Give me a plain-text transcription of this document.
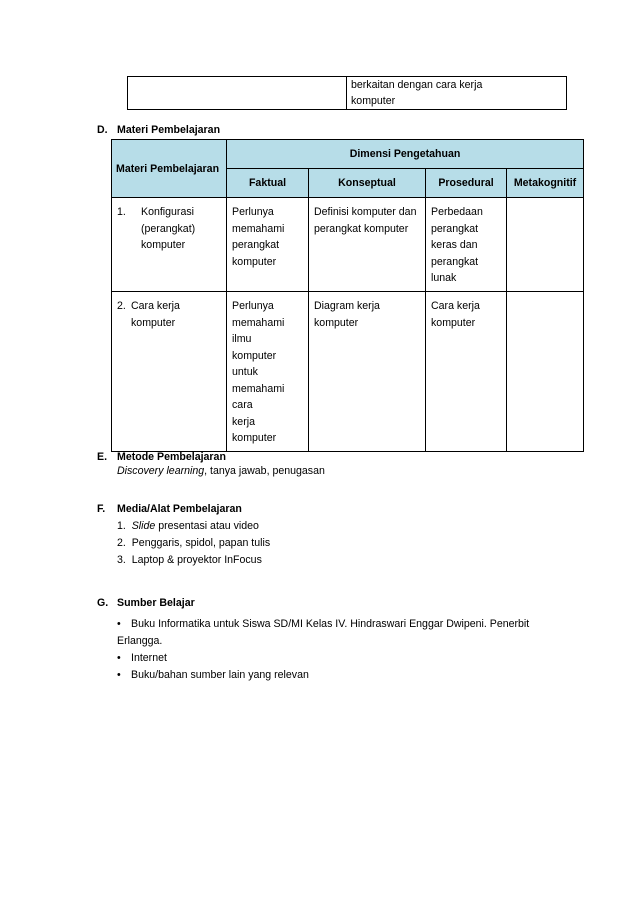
berkaitan dengan cara kerja
komputer
D. Materi Pembelajaran
Materi Pembelajaran	Dimensi Pengetahuan			
	Faktual	Konseptual	Prosedural	Metakognitif
1. Konfigurasi (perangkat) komputer	Perlunya memahami perangkat komputer	Definisi komputer dan perangkat komputer	Perbedaan perangkat keras dan perangkat lunak	
2. Cara kerja komputer	Perlunya memahami ilmu komputer untuk memahami cara kerja komputer	Diagram kerja komputer	Cara kerja komputer	
E. Metode Pembelajaran
Discovery learning, tanya jawab, penugasan
F. Media/Alat Pembelajaran
1. Slide presentasi atau video
2. Penggaris, spidol, papan tulis
3. Laptop & proyektor InFocus
G. Sumber Belajar
• Buku Informatika untuk Siswa SD/MI Kelas IV. Hindraswari Enggar Dwipeni. Penerbit
Erlangga.
• Internet
• Buku/bahan sumber lain yang relevan
